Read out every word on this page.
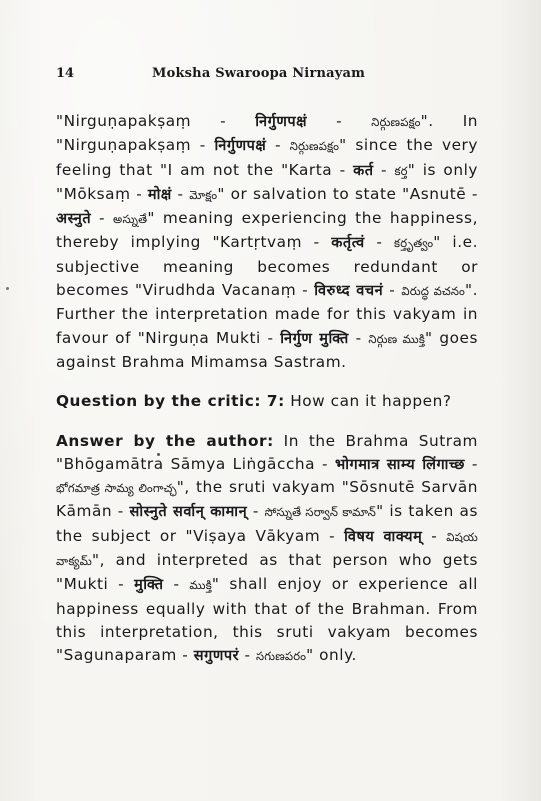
14	Moksha Swaroopa Nirnayam

"Nirguṇapakṣaṃ - निर्गुणपक्षं - నిర్గుణపక్షం". In "Nirguṇapakṣaṃ - निर्गुणपक्षं - నిర్గుణపక్షం" since the very feeling that "I am not the "Karta - कर्त - కర్త" is only "Mōksaṃ - मोक्षं - మోక్షం" or salvation to state "Asnutē - अस्नुते - అస్నుతే" meaning experiencing the happiness, thereby implying "Kartṛtvaṃ - कर्तृत्वं - కర్తృత్వం" i.e. subjective meaning becomes redundant or becomes "Virudhda Vacanaṃ - विरुध्द वचनं - విరుద్ధ వచనం". Further the interpretation made for this vakyam in favour of "Nirguṇa Mukti - निर्गुण मुक्ति - నిర్గుణ ముక్తి" goes against Brahma Mimamsa Sastram.

Question by the critic: 7: How can it happen?

Answer by the author: In the Brahma Sutram "Bhōgamātra Sāmya Liṅgāccha - भोगमात्र साम्य लिंगाच्छ - భోగమాత్ర సామ్య లింగాచ్ఛ", the sruti vakyam "Sōsnutē Sarvān Kāmān - सोस्नुते सर्वान् कामान् - సోస్నుతే సర్వాన్ కామాన్" is taken as the subject or "Viṣaya Vākyam - विषय वाक्यम् - విషయ వాక్యమ్", and interpreted as that person who gets "Mukti - मुक्ति - ముక్తి" shall enjoy or experience all happiness equally with that of the Brahman. From this interpretation, this sruti vakyam becomes "Sagunaparam - सगुणपरं - సగుణపరం" only.
